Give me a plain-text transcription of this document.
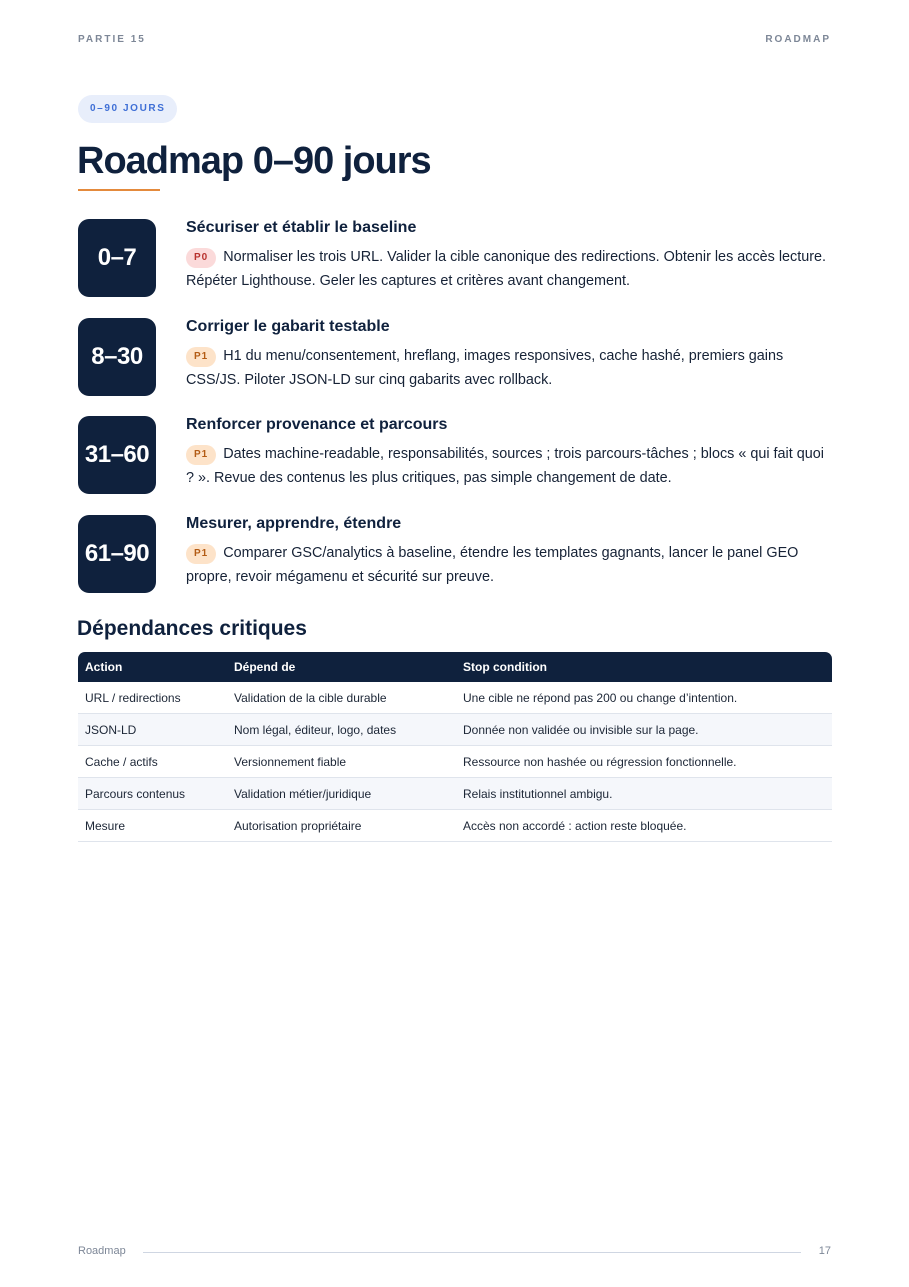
PARTIE 15	ROADMAP
0–90 JOURS
Roadmap 0–90 jours
0–7
Sécuriser et établir le baseline
P0 Normaliser les trois URL. Valider la cible canonique des redirections. Obtenir les accès lecture. Répéter Lighthouse. Geler les captures et critères avant changement.
8–30
Corriger le gabarit testable
P1 H1 du menu/consentement, hreflang, images responsives, cache hashé, premiers gains CSS/JS. Piloter JSON-LD sur cinq gabarits avec rollback.
31–60
Renforcer provenance et parcours
P1 Dates machine-readable, responsabilités, sources ; trois parcours-tâches ; blocs « qui fait quoi ? ». Revue des contenus les plus critiques, pas simple changement de date.
61–90
Mesurer, apprendre, étendre
P1 Comparer GSC/analytics à baseline, étendre les templates gagnants, lancer le panel GEO propre, revoir mégamenu et sécurité sur preuve.
Dépendances critiques
Action	Dépend de	Stop condition
URL / redirections	Validation de la cible durable	Une cible ne répond pas 200 ou change d’intention.
JSON-LD	Nom légal, éditeur, logo, dates	Donnée non validée ou invisible sur la page.
Cache / actifs	Versionnement fiable	Ressource non hashée ou régression fonctionnelle.
Parcours contenus	Validation métier/juridique	Relais institutionnel ambigu.
Mesure	Autorisation propriétaire	Accès non accordé : action reste bloquée.
Roadmap	17
